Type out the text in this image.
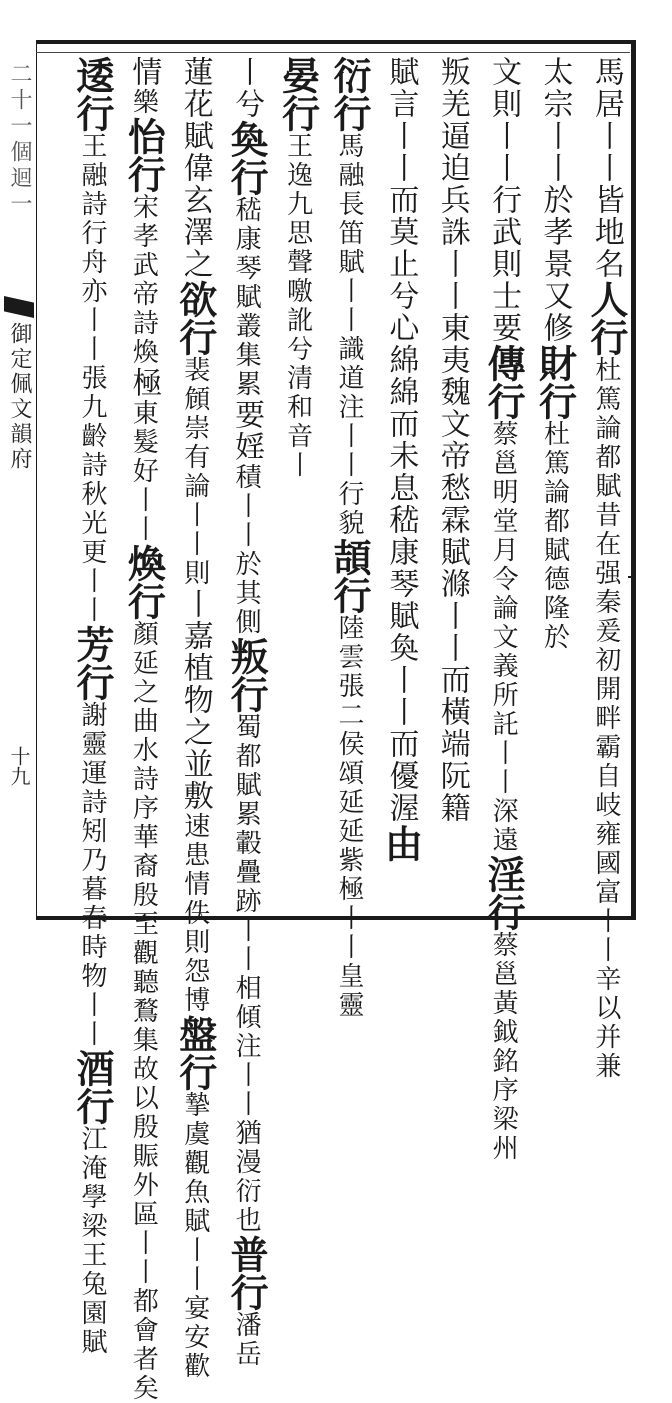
二十一個迴一
御定佩文韻府
十九
馬居丨丨皆地名人行杜篤論都賦昔在强秦爰初開畔霸自岐雍國富丨丨辛以并兼
太宗丨丨於孝景又修財行杜篤論都賦德隆於
文則丨丨行武則士要傳行蔡邕明堂月令論文義所託丨丨深遠淫行蔡邕黃鉞銘序梁州
叛羌逼迫兵誅丨丨東夷魏文帝愁霖賦滌丨丨而橫端阮籍
賦言丨丨而莫止兮心綿綿而未息嵇康琴賦奐丨丨而優渥由
衍行馬融長笛賦丨丨識道注丨丨行貌頡行陸雲張二侯頌延延紫極丨丨皇靈
晏行王逸九思聲噭訛兮清和音丨
丨兮奐行嵇康琴賦叢集累要婬積丨丨於其側叛行蜀都賦累轂疊跡丨丨相傾注丨丨猶漫衍也普行潘岳
蓮花賦偉玄澤之欲行裴頠崇有論丨丨則丨嘉植物之並敷速患情佚則怨博盤行摯虞觀魚賦丨丨宴安歡
情樂怡行宋孝武帝詩煥極東髮好丨丨煥行顏延之曲水詩序華裔殷至觀聽鶩集故以殷賑外區丨丨都會者矣
逶行王融詩行舟亦丨丨張九齡詩秋光更丨丨芳行謝靈運詩矧乃暮春時物丨丨酒行江淹學梁王兔園賦
